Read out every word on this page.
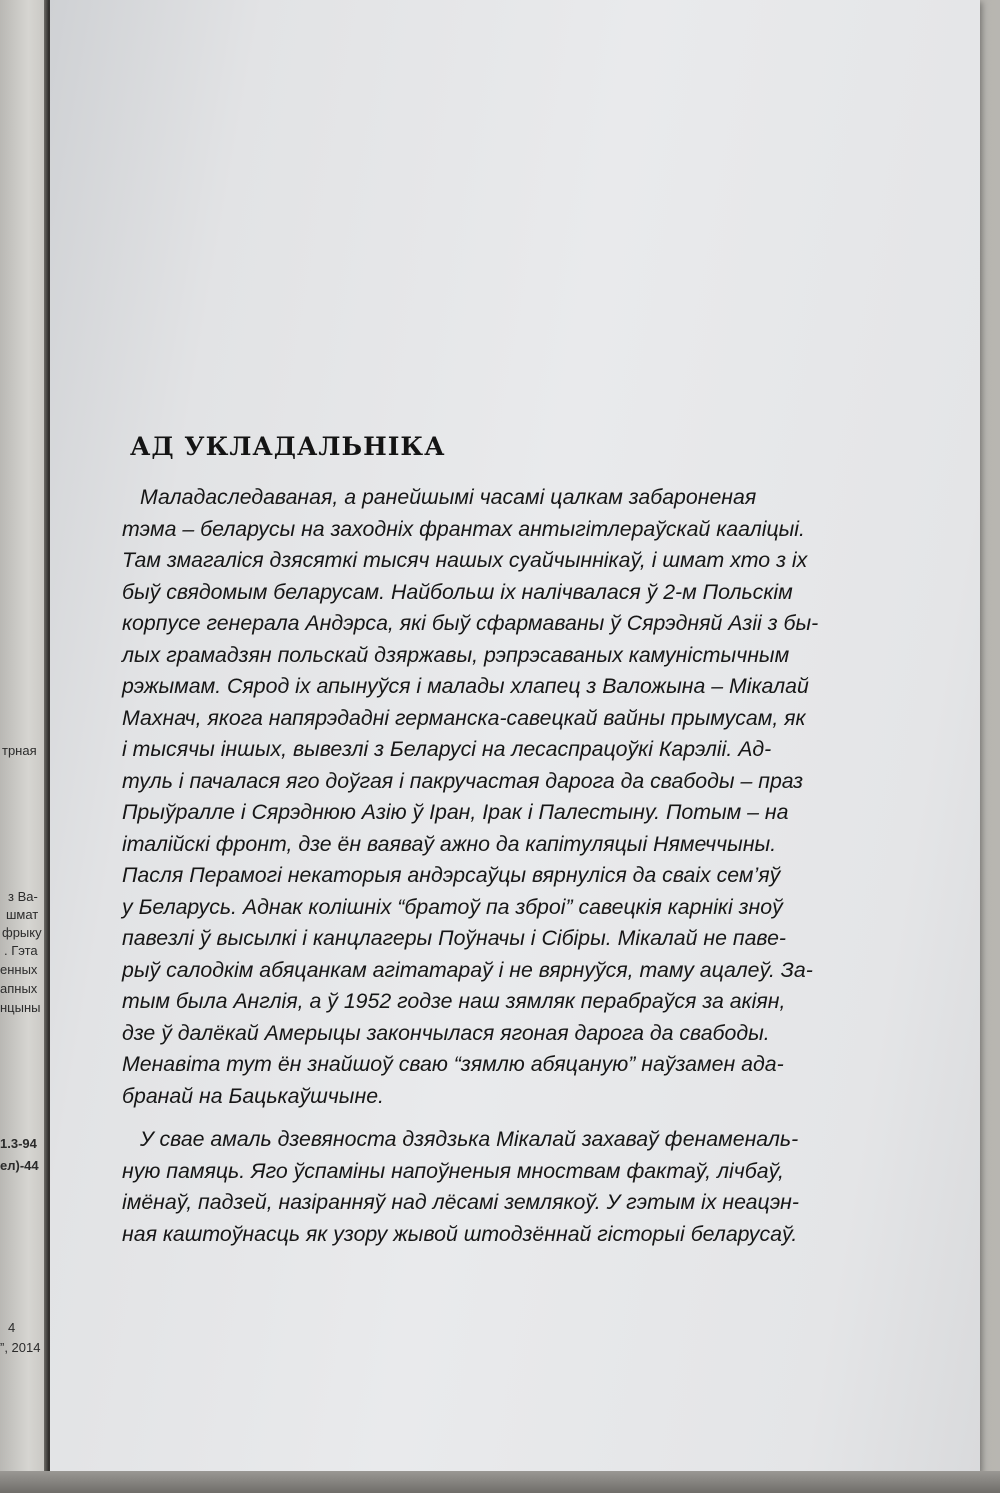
трная
з Ва-
шмат
фрыку
. Гэта
енных
апных
нцыны
1.3-94
ел)-44
4
”, 2014
АД УКЛАДАЛЬНІКА

Маладаследаваная, а ранейшымі часамі цалкам забароненая
тэма – беларусы на заходніх франтах антыгітлераўскай кааліцыі.
Там змагаліся дзясяткі тысяч нашых суайчыннікаў, і шмат хто з іх
быў свядомым беларусам. Найбольш іх налічвалася ў 2-м Польскім
корпусе генерала Андэрса, які быў сфармаваны ў Сярэдняй Азіі з бы-
лых грамадзян польскай дзяржавы, рэпрэсаваных камуністычным
рэжымам. Сярод іх апынуўся і малады хлапец з Валожына – Мікалай
Махнач, якога напярэдадні германска-савецкай вайны прымусам, як
і тысячы іншых, вывезлі з Беларусі на лесаспрацоўкі Карэліі. Ад-
туль і пачалася яго доўгая і пакручастая дарога да свабоды – праз
Прыўралле і Сярэднюю Азію ў Іран, Ірак і Палестыну. Потым – на
італійскі фронт, дзе ён ваяваў ажно да капітуляцыі Нямеччыны.
Пасля Перамогі некаторыя андэрсаўцы вярнуліся да сваіх сем’яў
у Беларусь. Аднак колішніх “братоў па зброі” савецкія карнікі зноў
павезлі ў высылкі і канцлагеры Поўначы і Сібіры. Мікалай не паве-
рыў салодкім абяцанкам агітатараў і не вярнуўся, таму ацалеў. За-
тым была Англія, а ў 1952 годзе наш зямляк перабраўся за акіян,
дзе ў далёкай Амерыцы закончылася ягоная дарога да свабоды.
Менавіта тут ён знайшоў сваю “зямлю абяцаную” наўзамен ада-
бранай на Бацькаўшчыне.

У свае амаль дзевяноста дзядзька Мікалай захаваў фенаменаль-
ную памяць. Яго ўспаміны напоўненыя мноствам фактаў, лічбаў,
імёнаў, падзей, назіранняў над лёсамі землякоў. У гэтым іх неацэн-
ная каштоўнасць як узору жывой штодзённай гісторыі беларусаў.
